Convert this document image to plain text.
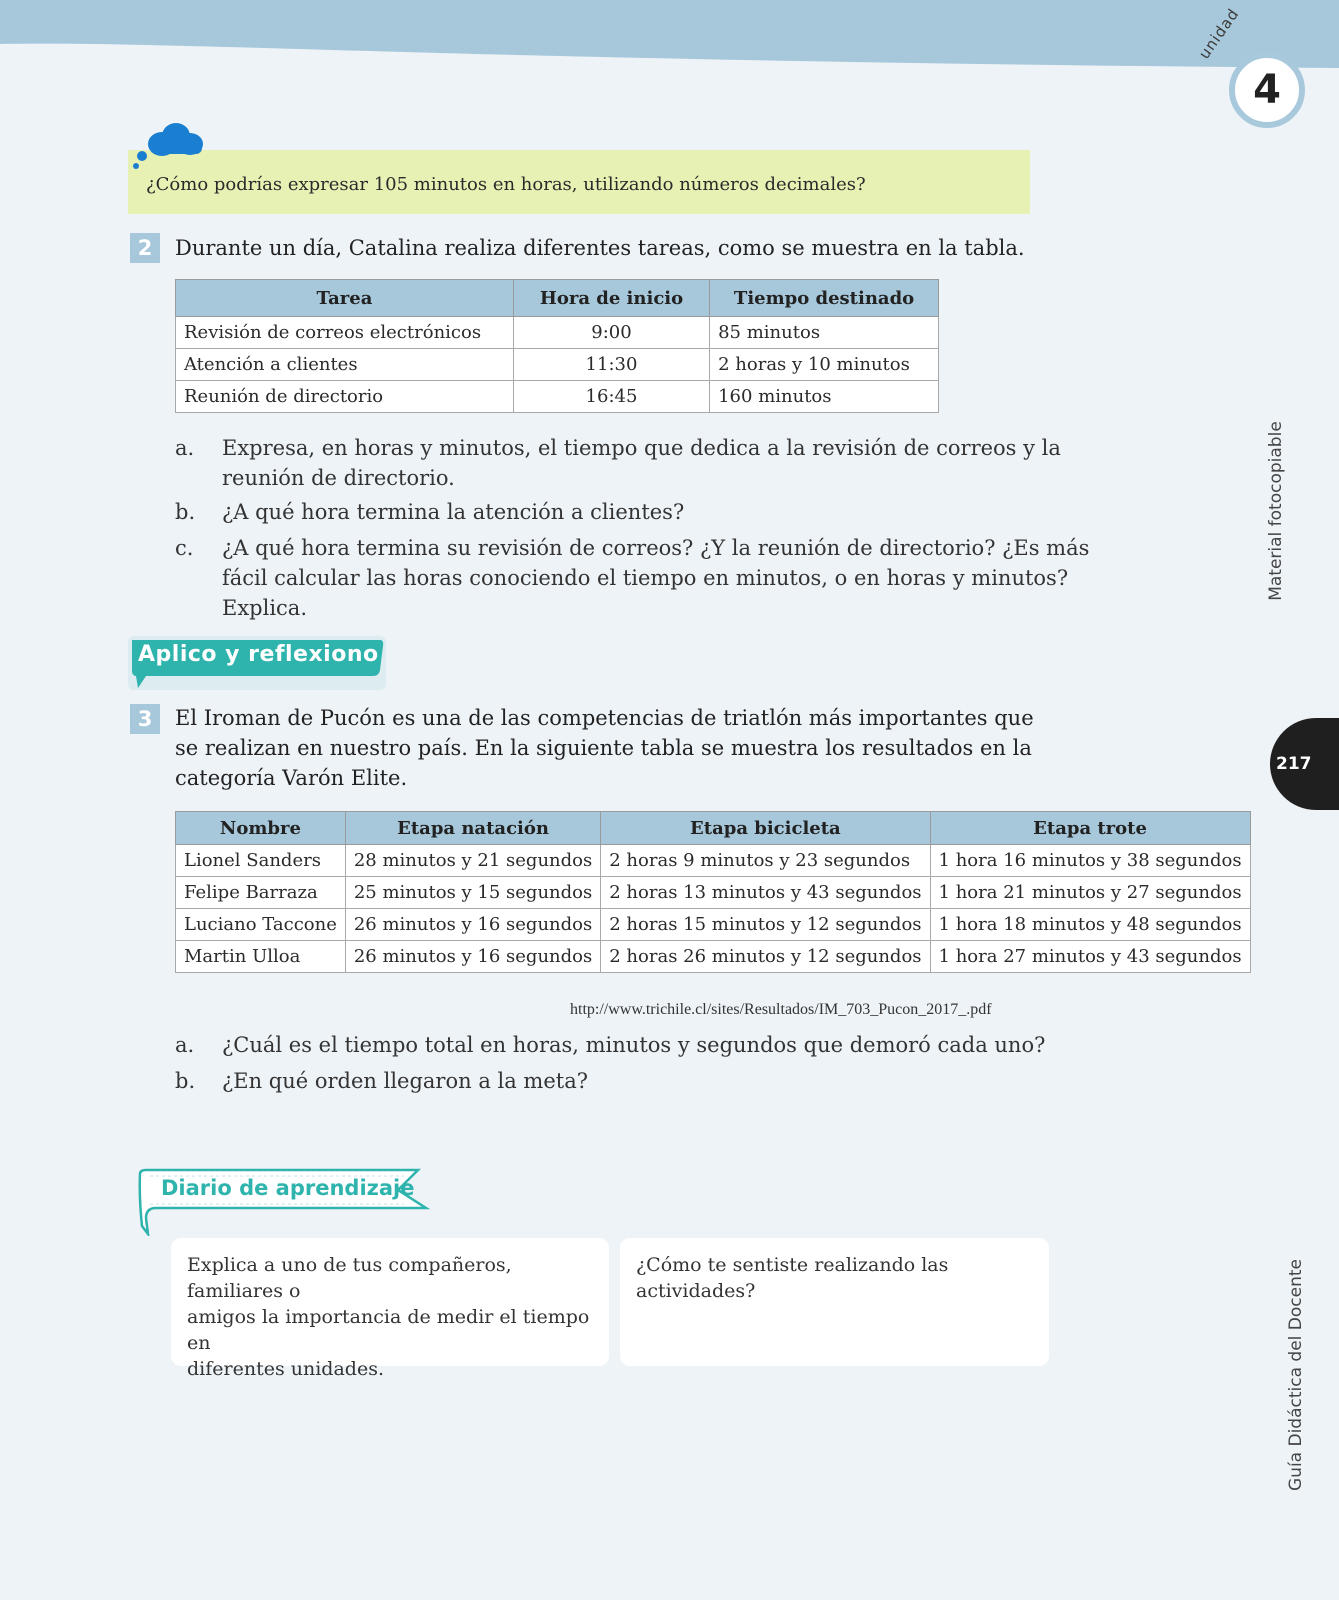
unidad
4
Material fotocopiable
217
Guía Didáctica del Docente
¿Cómo podrías expresar 105 minutos en horas, utilizando números decimales?
2	Durante un día, Catalina realiza diferentes tareas, como se muestra en la tabla.
Tarea	Hora de inicio	Tiempo destinado
Revisión de correos electrónicos	9:00	85 minutos
Atención a clientes	11:30	2 horas y 10 minutos
Reunión de directorio	16:45	160 minutos
a. Expresa, en horas y minutos, el tiempo que dedica a la revisión de correos y la
reunión de directorio.
b. ¿A qué hora termina la atención a clientes?
c. ¿A qué hora termina su revisión de correos? ¿Y la reunión de directorio? ¿Es más
fácil calcular las horas conociendo el tiempo en minutos, o en horas y minutos?
Explica.
Aplico y reflexiono
3	El Iroman de Pucón es una de las competencias de triatlón más importantes que
se realizan en nuestro país. En la siguiente tabla se muestra los resultados en la
categoría Varón Elite.
Nombre	Etapa natación	Etapa bicicleta	Etapa trote
Lionel Sanders	28 minutos y 21 segundos	2 horas 9 minutos y 23 segundos	1 hora 16 minutos y 38 segundos
Felipe Barraza	25 minutos y 15 segundos	2 horas 13 minutos y 43 segundos	1 hora 21 minutos y 27 segundos
Luciano Taccone	26 minutos y 16 segundos	2 horas 15 minutos y 12 segundos	1 hora 18 minutos y 48 segundos
Martin Ulloa	26 minutos y 16 segundos	2 horas 26 minutos y 12 segundos	1 hora 27 minutos y 43 segundos
http://www.trichile.cl/sites/Resultados/IM_703_Pucon_2017_.pdf
a. ¿Cuál es el tiempo total en horas, minutos y segundos que demoró cada uno?
b. ¿En qué orden llegaron a la meta?
Diario de aprendizaje
Explica a uno de tus compañeros, familiares o
amigos la importancia de medir el tiempo en
diferentes unidades.
¿Cómo te sentiste realizando las actividades?
